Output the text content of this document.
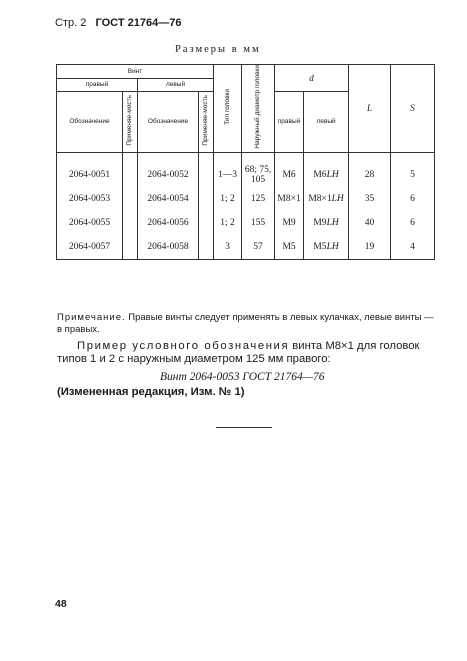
Стр. 2 ГОСТ 21764—76
Размеры в мм
Винт				Тип головки	Наружный диаметр головки	d		L	S
правый		левый							
Обозначение	Применяе-мость	Обозначение	Применяе-мость			правый	левый		

2064-0051		2064-0052		1—3	68; 75, 105	M6	M6LH	28	5
2064-0053		2064-0054		1; 2	125	M8×1	M8×1LH	35	6
2064-0055		2064-0056		1; 2	155	M9	M9LH	40	6
2064-0057		2064-0058		3	57	M5	M5LH	19	4
Примечание. Правые винты следует применять в левых кулачках, левые винты — в правых.
Пример условного обозначения винта М8×1 для головок типов 1 и 2 с наружным диаметром 125 мм правого:
Винт 2064-0053 ГОСТ 21764—76
(Измененная редакция, Изм. № 1)
48
